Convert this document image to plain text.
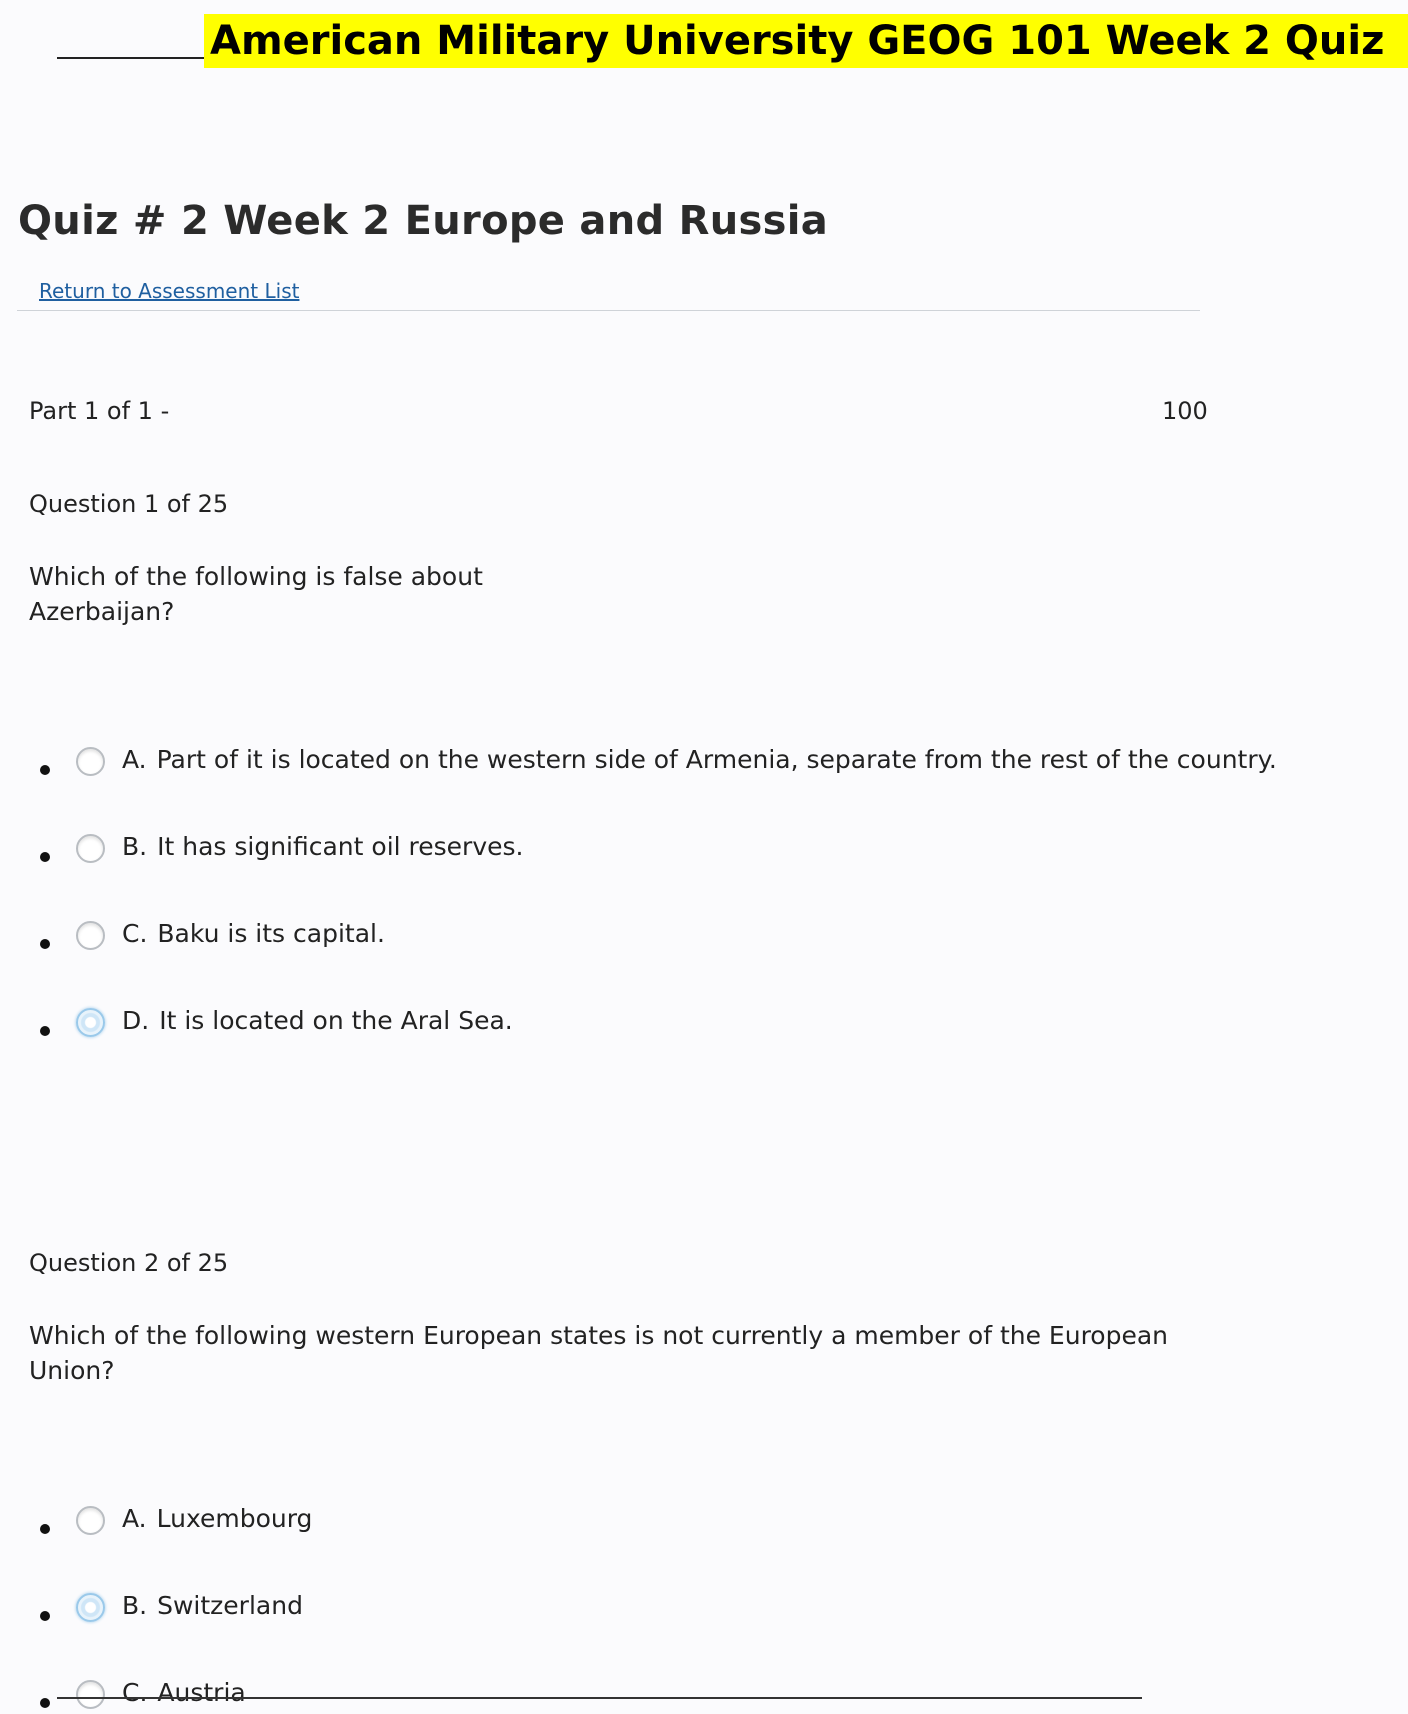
American Military University GEOG 101 Week 2 Quiz
Quiz # 2 Week 2 Europe and Russia
Return to Assessment List
Part 1 of 1 -	100
Question 1 of 25
Which of the following is false about Azerbaijan?
A. Part of it is located on the western side of Armenia, separate from the rest of the country.
B. It has significant oil reserves.
C. Baku is its capital.
D. It is located on the Aral Sea.
Question 2 of 25
Which of the following western European states is not currently a member of the European Union?
A. Luxembourg
B. Switzerland
C. Austria
